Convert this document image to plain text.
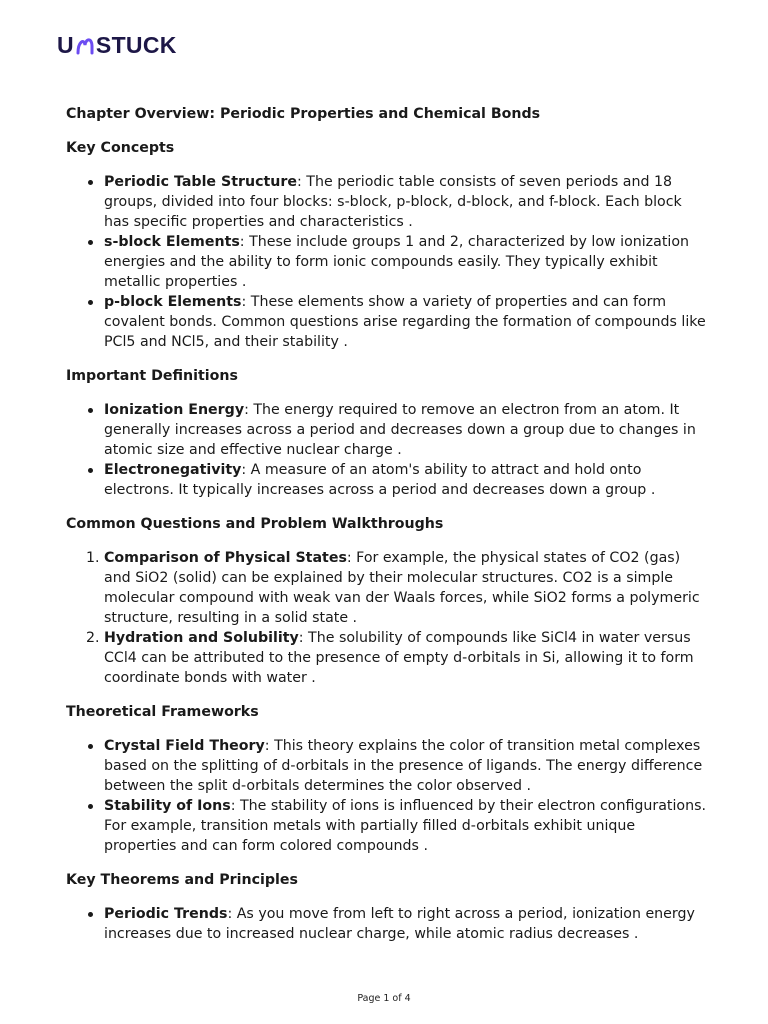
U STUCK
Chapter Overview: Periodic Properties and Chemical Bonds
Key Concepts
Periodic Table Structure: The periodic table consists of seven periods and 18 groups, divided into four blocks: s-block, p-block, d-block, and f-block. Each block has specific properties and characteristics .
s-block Elements: These include groups 1 and 2, characterized by low ionization energies and the ability to form ionic compounds easily. They typically exhibit metallic properties .
p-block Elements: These elements show a variety of properties and can form covalent bonds. Common questions arise regarding the formation of compounds like PCl5 and NCl5, and their stability .
Important Definitions
Ionization Energy: The energy required to remove an electron from an atom. It generally increases across a period and decreases down a group due to changes in atomic size and effective nuclear charge .
Electronegativity: A measure of an atom's ability to attract and hold onto electrons. It typically increases across a period and decreases down a group .
Common Questions and Problem Walkthroughs
1. Comparison of Physical States: For example, the physical states of CO2 (gas) and SiO2 (solid) can be explained by their molecular structures. CO2 is a simple molecular compound with weak van der Waals forces, while SiO2 forms a polymeric structure, resulting in a solid state .
2. Hydration and Solubility: The solubility of compounds like SiCl4 in water versus CCl4 can be attributed to the presence of empty d-orbitals in Si, allowing it to form coordinate bonds with water .
Theoretical Frameworks
Crystal Field Theory: This theory explains the color of transition metal complexes based on the splitting of d-orbitals in the presence of ligands. The energy difference between the split d-orbitals determines the color observed .
Stability of Ions: The stability of ions is influenced by their electron configurations. For example, transition metals with partially filled d-orbitals exhibit unique properties and can form colored compounds .
Key Theorems and Principles
Periodic Trends: As you move from left to right across a period, ionization energy increases due to increased nuclear charge, while atomic radius decreases .
Page 1 of 4
